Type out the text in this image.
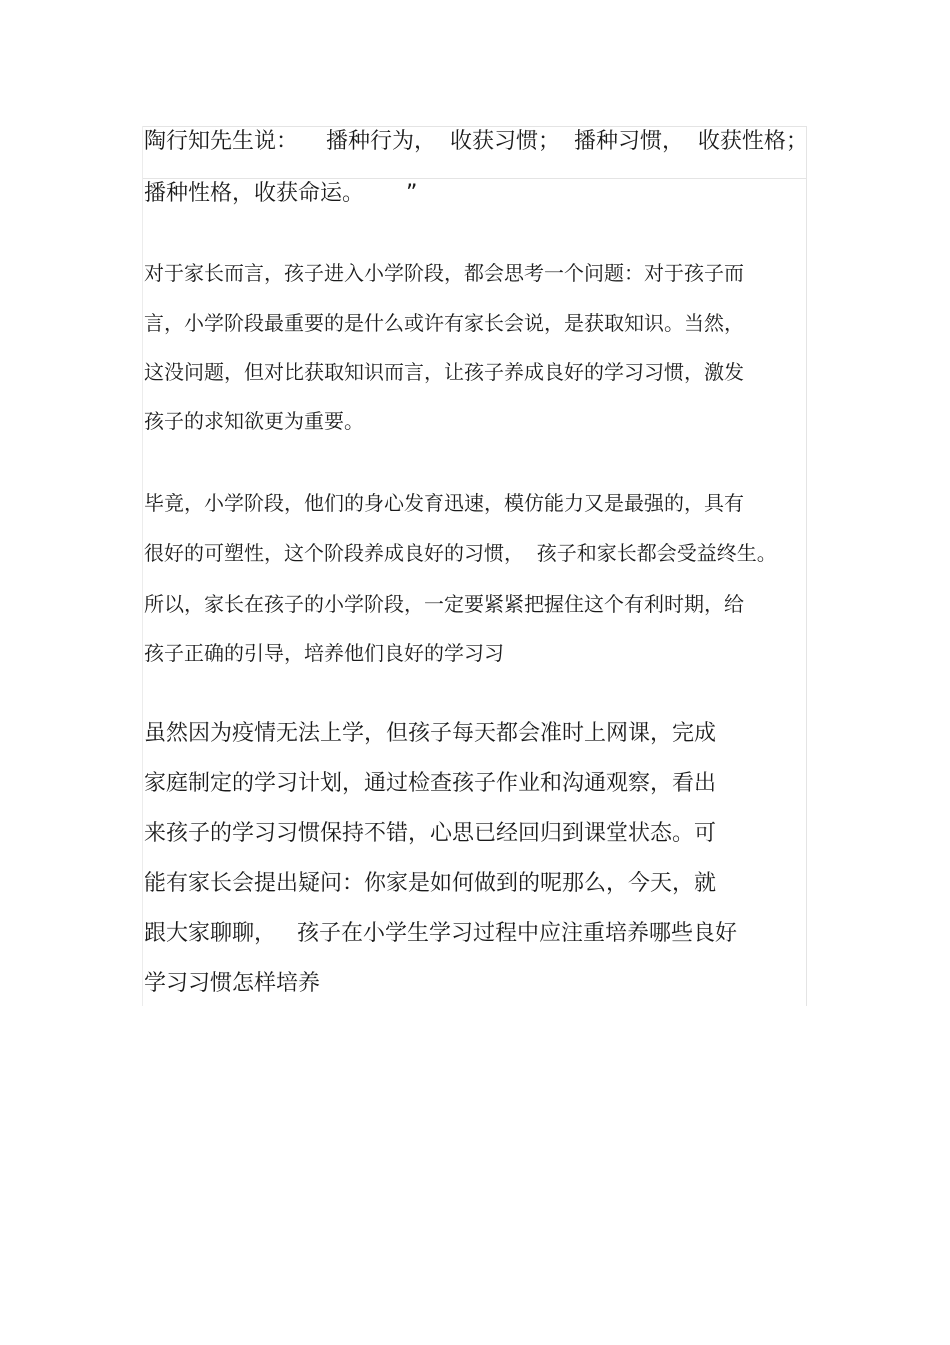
陶行知先生说：    播种行为，  收获习惯；  播种习惯，  收获性格；
播种性格，收获命运。      ”
对于家长而言，孩子进入小学阶段，都会思考一个问题：对于孩子而
言，小学阶段最重要的是什么或许有家长会说，是获取知识。当然，
这没问题，但对比获取知识而言，让孩子养成良好的学习习惯，激发
孩子的求知欲更为重要。
毕竟，小学阶段，他们的身心发育迅速，模仿能力又是最强的，具有
很好的可塑性，这个阶段养成良好的习惯，  孩子和家长都会受益终生。
所以，家长在孩子的小学阶段，一定要紧紧把握住这个有利时期，给
孩子正确的引导，培养他们良好的学习习
虽然因为疫情无法上学，但孩子每天都会准时上网课，完成
家庭制定的学习计划，通过检查孩子作业和沟通观察，看出
来孩子的学习习惯保持不错，心思已经回归到课堂状态。可
能有家长会提出疑问：你家是如何做到的呢那么，今天，就
跟大家聊聊，   孩子在小学生学习过程中应注重培养哪些良好
学习习惯怎样培养
